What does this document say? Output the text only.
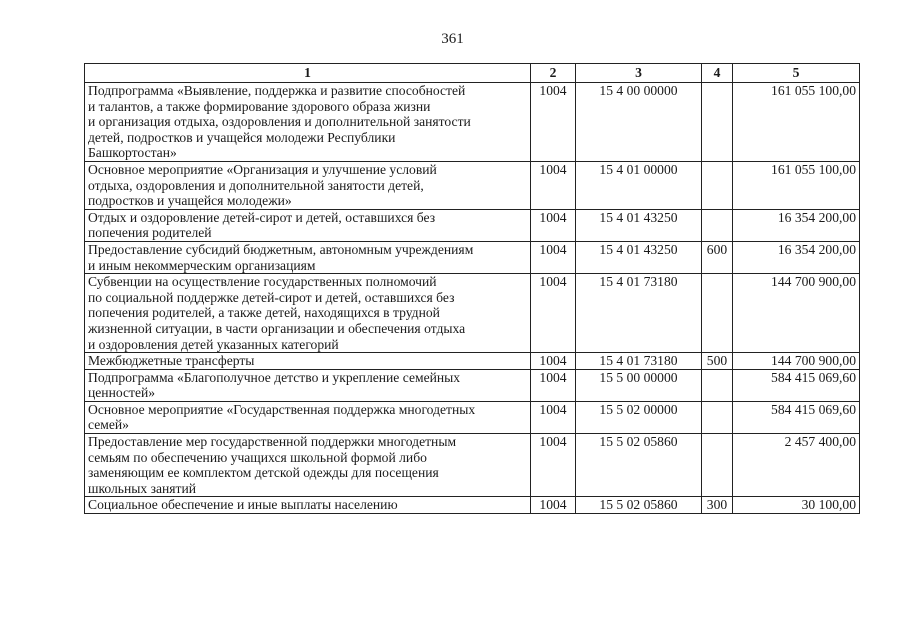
361
1	2	3	4	5
Подпрограмма «Выявление, поддержка и развитие способностей
и талантов, а также формирование здорового образа жизни
и организация отдыха, оздоровления и дополнительной занятости
детей, подростков и учащейся молодежи Республики
Башкортостан»	1004	15 4 00 00000		161 055 100,00
Основное мероприятие «Организация и улучшение условий
отдыха, оздоровления и дополнительной занятости детей,
подростков и учащейся молодежи»	1004	15 4 01 00000		161 055 100,00
Отдых и оздоровление детей-сирот и детей, оставшихся без
попечения родителей	1004	15 4 01 43250		16 354 200,00
Предоставление субсидий бюджетным, автономным учреждениям
и иным некоммерческим организациям	1004	15 4 01 43250	600	16 354 200,00
Субвенции на осуществление государственных полномочий
по социальной поддержке детей-сирот и детей, оставшихся без
попечения родителей, а также детей, находящихся в трудной
жизненной ситуации, в части организации и обеспечения отдыха
и оздоровления детей указанных категорий	1004	15 4 01 73180		144 700 900,00
Межбюджетные трансферты	1004	15 4 01 73180	500	144 700 900,00
Подпрограмма «Благополучное детство и укрепление семейных
ценностей»	1004	15 5 00 00000		584 415 069,60
Основное мероприятие «Государственная поддержка многодетных
семей»	1004	15 5 02 00000		584 415 069,60
Предоставление мер государственной поддержки многодетным
семьям по обеспечению учащихся школьной формой либо
заменяющим ее комплектом детской одежды для посещения
школьных занятий	1004	15 5 02 05860		2 457 400,00
Социальное обеспечение и иные выплаты населению	1004	15 5 02 05860	300	30 100,00
